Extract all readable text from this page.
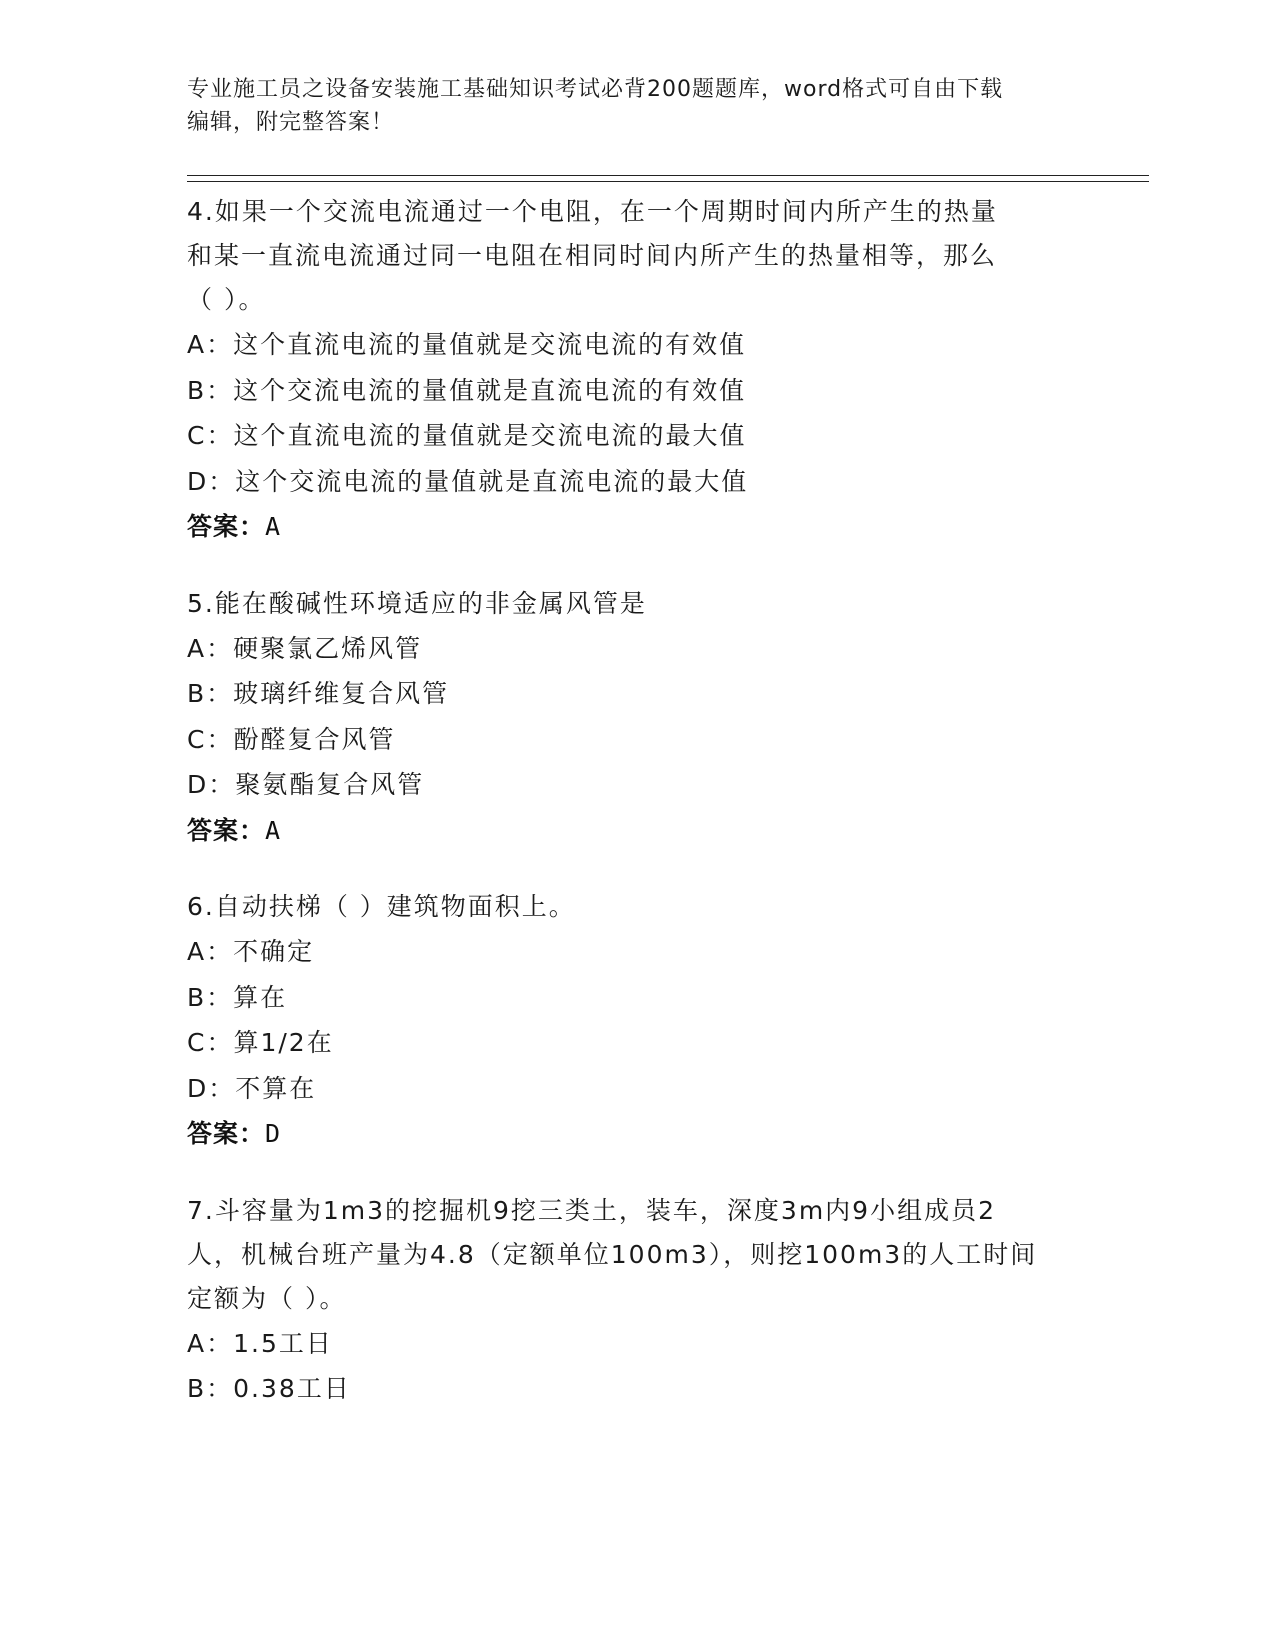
专业施工员之设备安装施工基础知识考试必背200题题库，word格式可自由下载
编辑，附完整答案！
4.如果一个交流电流通过一个电阻，在一个周期时间内所产生的热量
和某一直流电流通过同一电阻在相同时间内所产生的热量相等，那么
（ ）。
A：这个直流电流的量值就是交流电流的有效值
B：这个交流电流的量值就是直流电流的有效值
C：这个直流电流的量值就是交流电流的最大值
D：这个交流电流的量值就是直流电流的最大值
答案：A
5.能在酸碱性环境适应的非金属风管是
A：硬聚氯乙烯风管
B：玻璃纤维复合风管
C：酚醛复合风管
D：聚氨酯复合风管
答案：A
6.自动扶梯（ ）建筑物面积上。
A：不确定
B：算在
C：算1/2在
D：不算在
答案：D
7.斗容量为1m3的挖掘机9挖三类土，装车，深度3m内9小组成员2
人，机械台班产量为4.8（定额单位100m3），则挖100m3的人工时间
定额为（ ）。
A：1.5工日
B：0.38工日
